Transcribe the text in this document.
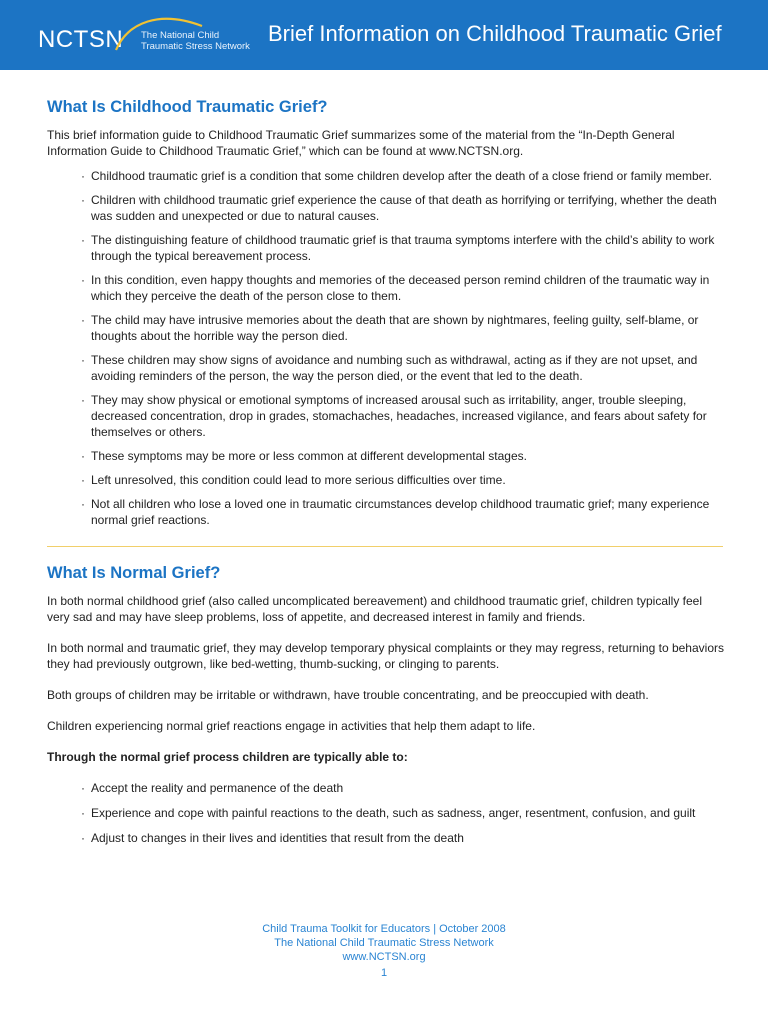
NCTSN The National Child
Traumatic Stress Network
Brief Information on Childhood Traumatic Grief
What Is Childhood Traumatic Grief?

This brief information guide to Childhood Traumatic Grief summarizes some of the material from the “In-Depth General Information Guide to Childhood Traumatic Grief,” which can be found at www.NCTSN.org.

· Childhood traumatic grief is a condition that some children develop after the death of a close friend or family member.
· Children with childhood traumatic grief experience the cause of that death as horrifying or terrifying, whether the death was sudden and unexpected or due to natural causes.
· The distinguishing feature of childhood traumatic grief is that trauma symptoms interfere with the child’s ability to work through the typical bereavement process.
· In this condition, even happy thoughts and memories of the deceased person remind children of the traumatic way in which they perceive the death of the person close to them.
· The child may have intrusive memories about the death that are shown by nightmares, feeling guilty, self-blame, or thoughts about the horrible way the person died.
· These children may show signs of avoidance and numbing such as withdrawal, acting as if they are not upset, and avoiding reminders of the person, the way the person died, or the event that led to the death.
· They may show physical or emotional symptoms of increased arousal such as irritability, anger, trouble sleeping, decreased concentration, drop in grades, stomachaches, headaches, increased vigilance, and fears about safety for themselves or others.
· These symptoms may be more or less common at different developmental stages.
· Left unresolved, this condition could lead to more serious difficulties over time.
· Not all children who lose a loved one in traumatic circumstances develop childhood traumatic grief; many experience normal grief reactions.
What Is Normal Grief?

In both normal childhood grief (also called uncomplicated bereavement) and childhood traumatic grief, children typically feel very sad and may have sleep problems, loss of appetite, and decreased interest in family and friends.

In both normal and traumatic grief, they may develop temporary physical complaints or they may regress, returning to behaviors they had previously outgrown, like bed-wetting, thumb-sucking, or clinging to parents.

Both groups of children may be irritable or withdrawn, have trouble concentrating, and be preoccupied with death.

Children experiencing normal grief reactions engage in activities that help them adapt to life.

Through the normal grief process children are typically able to:

· Accept the reality and permanence of the death
· Experience and cope with painful reactions to the death, such as sadness, anger, resentment, confusion, and guilt
· Adjust to changes in their lives and identities that result from the death
Child Trauma Toolkit for Educators | October 2008
The National Child Traumatic Stress Network
www.NCTSN.org
1
